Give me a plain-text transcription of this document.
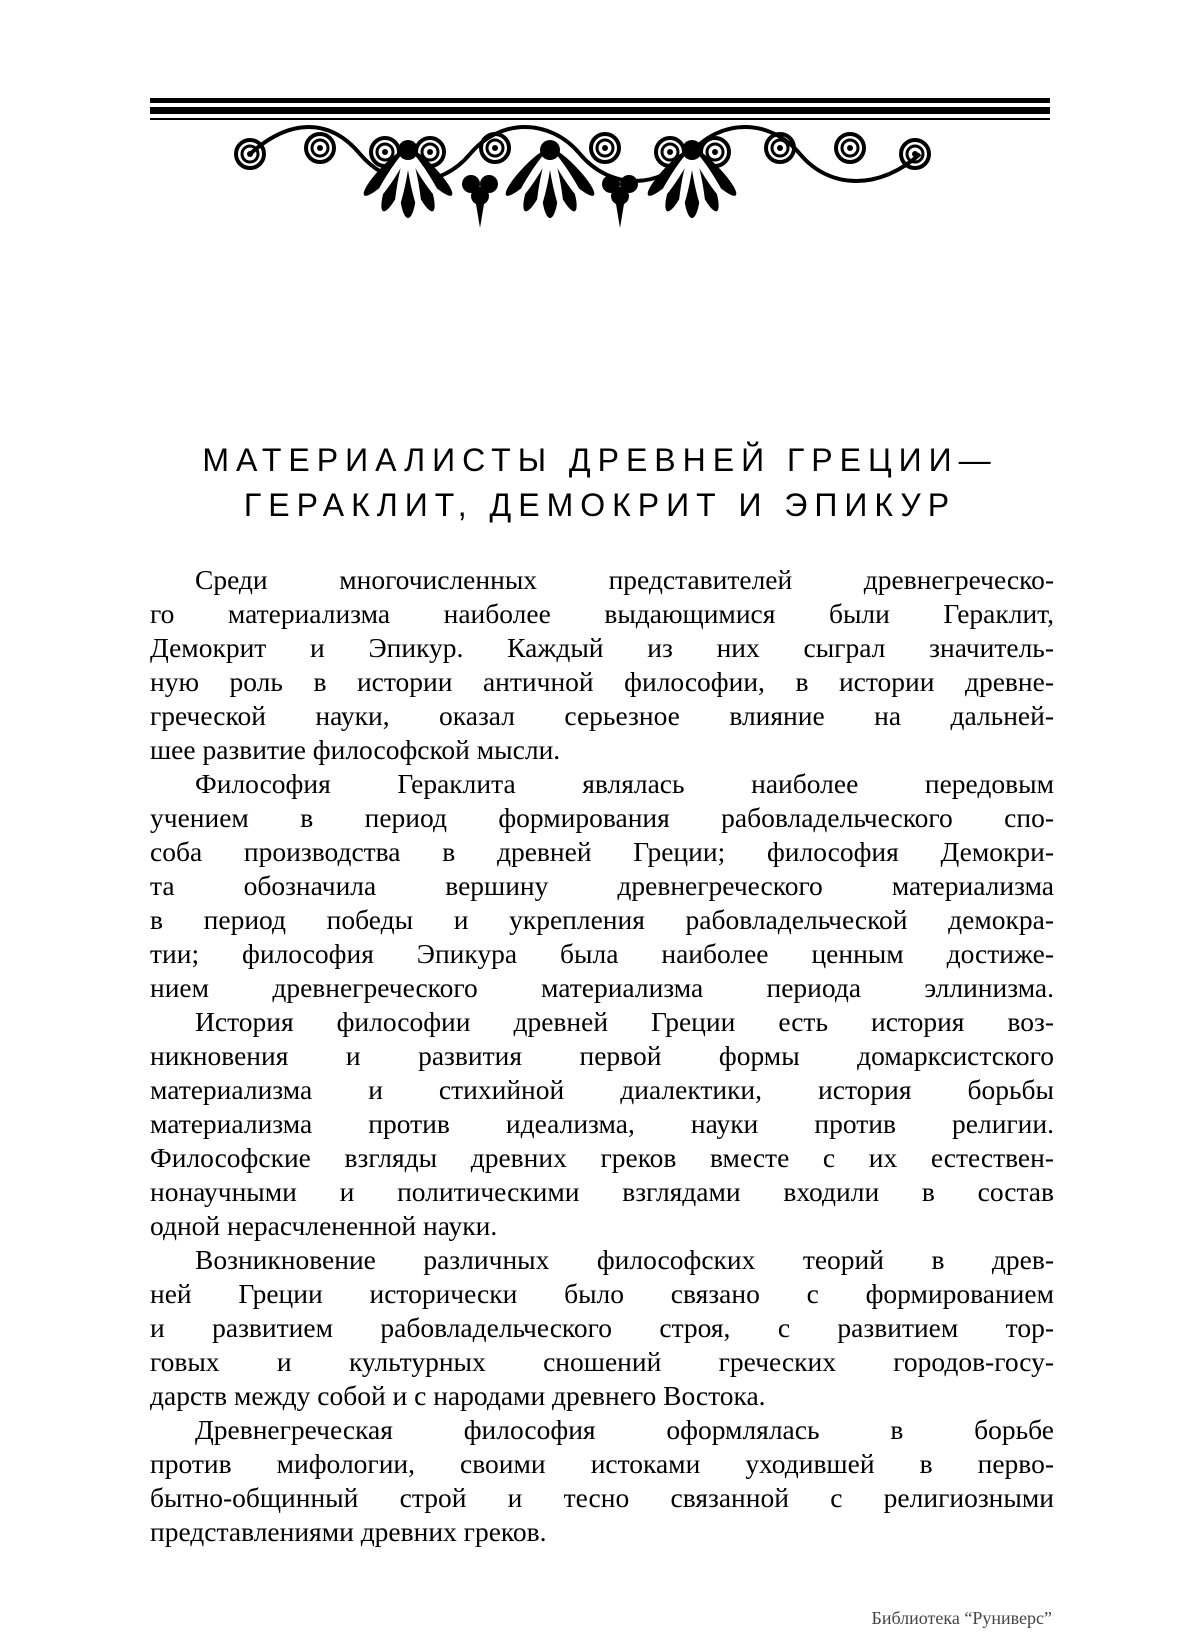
МАТЕРИАЛИСТЫ ДРЕВНЕЙ ГРЕЦИИ—
ГЕРАКЛИТ, ДЕМОКРИТ И ЭПИКУР
Среди многочисленных представителей древнегреческо-
го материализма наиболее выдающимися были Гераклит,
Демокрит и Эпикур. Каждый из них сыграл значитель-
ную роль в истории античной философии, в истории древне-
греческой науки, оказал серьезное влияние на дальней-
шее развитие философской мысли.
Философия Гераклита являлась наиболее передовым
учением в период формирования рабовладельческого спо-
соба производства в древней Греции; философия Демокри-
та обозначила вершину древнегреческого материализма
в период победы и укрепления рабовладельческой демокра-
тии; философия Эпикура была наиболее ценным достиже-
нием древнегреческого материализма периода эллинизма.
История философии древней Греции есть история воз-
никновения и развития первой формы домарксистского
материализма и стихийной диалектики, история борьбы
материализма против идеализма, науки против религии.
Философские взгляды древних греков вместе с их естествен-
нонаучными и политическими взглядами входили в состав
одной нерасчлененной науки.
Возникновение различных философских теорий в древ-
ней Греции исторически было связано с формированием
и развитием рабовладельческого строя, с развитием тор-
говых и культурных сношений греческих городов-госу-
дарств между собой и с народами древнего Востока.
Древнегреческая философия оформлялась в борьбе
против мифологии, своими истоками уходившей в перво-
бытно-общинный строй и тесно связанной с религиозными
представлениями древних греков.
Библиотека “Руниверс”
